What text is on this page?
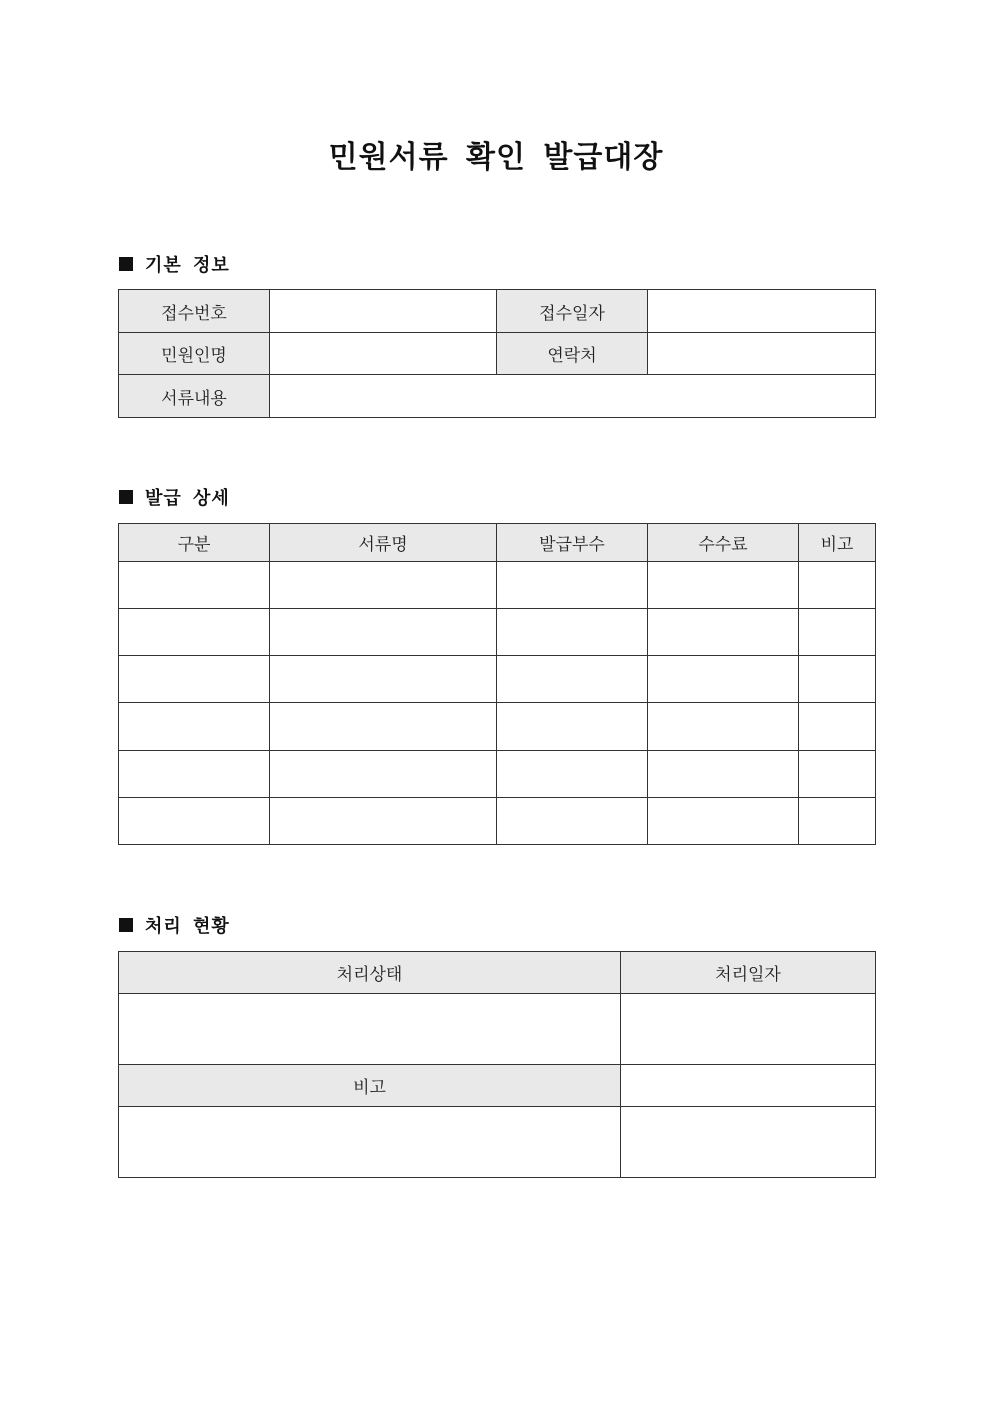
민원서류 확인 발급대장
기본 정보
접수번호		접수일자	
민원인명		연락처	
서류내용			
발급 상세
구분	서류명	발급부수	수수료	비고

처리 현황
처리상태	처리일자

비고	
